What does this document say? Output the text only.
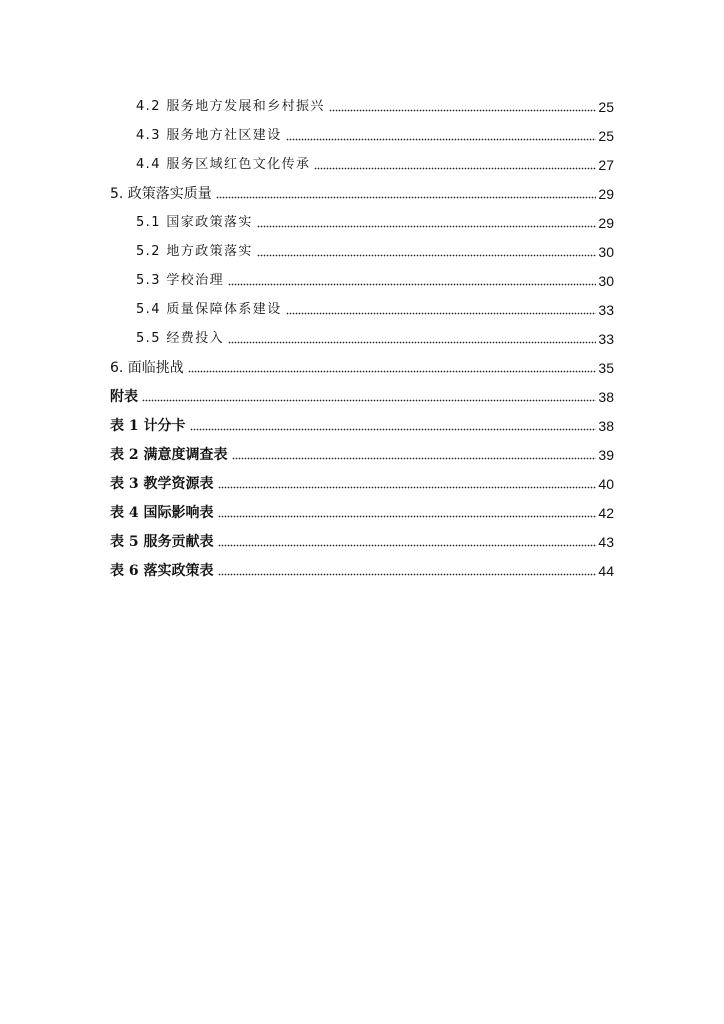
4.2 服务地方发展和乡村振兴	25
4.3 服务地方社区建设	25
4.4 服务区域红色文化传承	27
5. 政策落实质量	29
5.1 国家政策落实	29
5.2 地方政策落实	30
5.3 学校治理	30
5.4 质量保障体系建设	33
5.5 经费投入	33
6. 面临挑战	35
附表	38
表 1 计分卡	38
表 2 满意度调查表	39
表 3 教学资源表	40
表 4 国际影响表	42
表 5 服务贡献表	43
表 6 落实政策表	44
